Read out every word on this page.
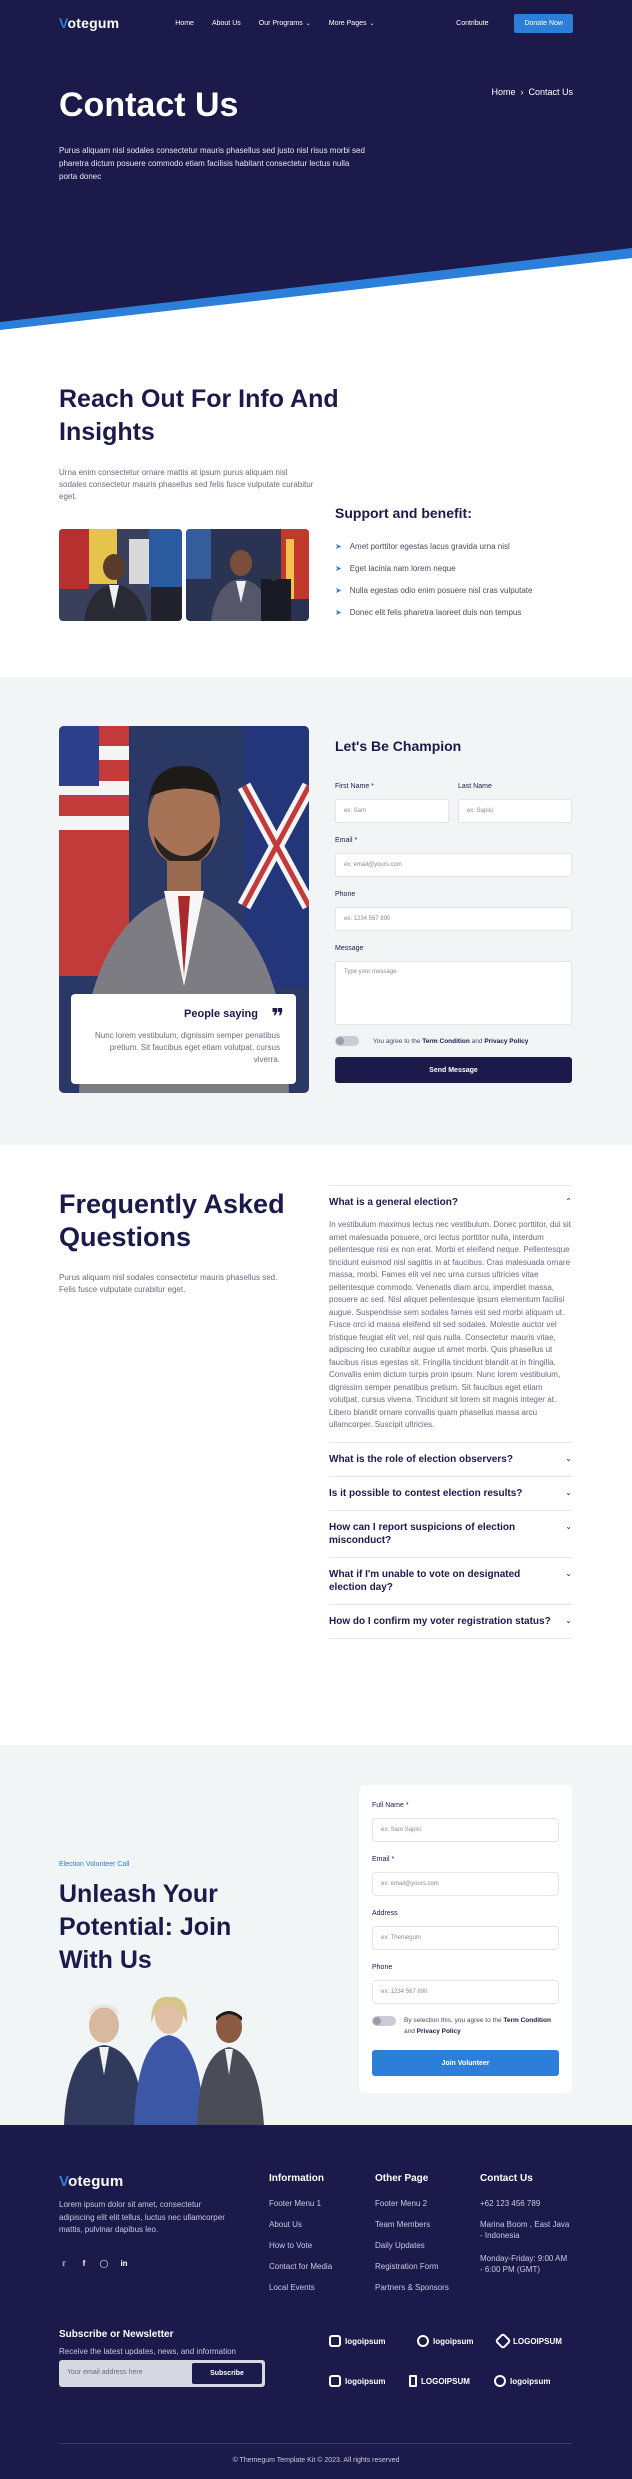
Votegum	Home	About Us	Our Programs ⌄	More Pages ⌄	Contribute	Donate Now
Contact Us

Purus aliquam nisl sodales consectetur mauris phasellus sed justo nisl risus morbi sed pharetra dictum posuere commodo etiam facilisis habitant consectetur lectus nulla porta donec

Home › Contact Us
Reach Out For Info And Insights

Urna enim consectetur ornare mattis at ipsum purus aliquam nisl sodales consectetur mauris phasellus sed felis fusce vulputate curabitur eget.

Support and benefit:
➤ Amet porttitor egestas lacus gravida urna nisl
➤ Eget lacinia nam lorem neque
➤ Nulla egestas odio enim posuere nisl cras vulputate
➤ Donec elit felis pharetra laoreet duis non tempus
People saying ❞
Nunc lorem vestibulum, dignissim semper penatibus pretium. Sit faucibus eget etiam volutpat, cursus viverra.
Let's Be Champion
First Name *	Last Name
ex: Sam	ex: Sapici
Email *
ex: email@yours.com
Phone
ex: 1234 567 890
Message
Type your message
You agree to the Term Condition and Privacy Policy
Send Message
Frequently Asked Questions

Purus aliquam nisl sodales consectetur mauris phasellus sed. Felis fusce vulputate curabitur eget.

What is a general election?	⌃
In vestibulum maximus lectus nec vestibulum. Donec porttitor, dui sit amet malesuada posuere, orci lectus porttitor nulla, interdum pellentesque nisi ex non erat. Morbi et eleifend neque. Pellentesque tincidunt euismod nisl sagittis in at faucibus. Cras malesuada ornare massa, morbi. Fames elit vel nec urna cursus ultricies vitae pellentesque commodo. Venenatis diam arcu, imperdiet massa, posuere ac sed. Nisl aliquet pellentesque ipsum elementum facilisi augue. Suspendisse sem sodales fames est sed morbi aliquam ut. Fusce orci id massa eleifend sit sed sodales. Molestie auctor vel tristique feugiat elit vel, nisl quis nulla. Consectetur mauris vitae, adipiscing leo curabitur augue ut amet morbi. Quis phasellus ut faucibus risus egestas sit. Fringilla tincidunt blandit at in fringilla. Convallis enim dictum turpis proin ipsum. Nunc lorem vestibulum, dignissim semper penatibus pretium. Sit faucibus eget etiam volutpat, cursus viverra. Tincidunt sit lorem sit magnis integer at. Libero blandit ornare convallis quam phasellus massa arcu ullamcorper. Suscipit ultricies.
What is the role of election observers?	⌄
Is it possible to contest election results?	⌄
How can I report suspicions of election misconduct?
⌄
What if I'm unable to vote on designated election day?
⌄
How do I confirm my voter registration status?	⌄
Election Volunteer Call
Unleash Your Potential: Join With Us
Full Name *
ex: Sam Sapici
Email *
ex: email@yours.com
Address
ex: Themegum
Phone
ex: 1234 567 890
By selection this, you agree to the Term Condition and Privacy Policy
Join Volunteer
Votegum

Lorem ipsum dolor sit amet, consectetur adipiscing elit elit tellus, luctus nec ullamcorper mattis, pulvinar dapibus leo.

𝕣	f	◯ in
Information
Footer Menu 1
About Us
How to Vote
Contact for Media
Local Events
Other Page
Footer Menu 2
Team Members
Daily Updates
Registration Form
Partners & Sponsors
Contact Us
+62 123 456 789
Marina Boom , East Java - Indonesia
Monday-Friday: 9:00 AM - 6:00 PM (GMT)
Subscribe or Newsletter
Receive the latest updates, news, and information
Your email address here	Subscribe
logoipsum	logoipsum	LOGOIPSUM
logoipsum	LOGOIPSUM	logoipsum
© Themegum Template Kit © 2023. All rights reserved
